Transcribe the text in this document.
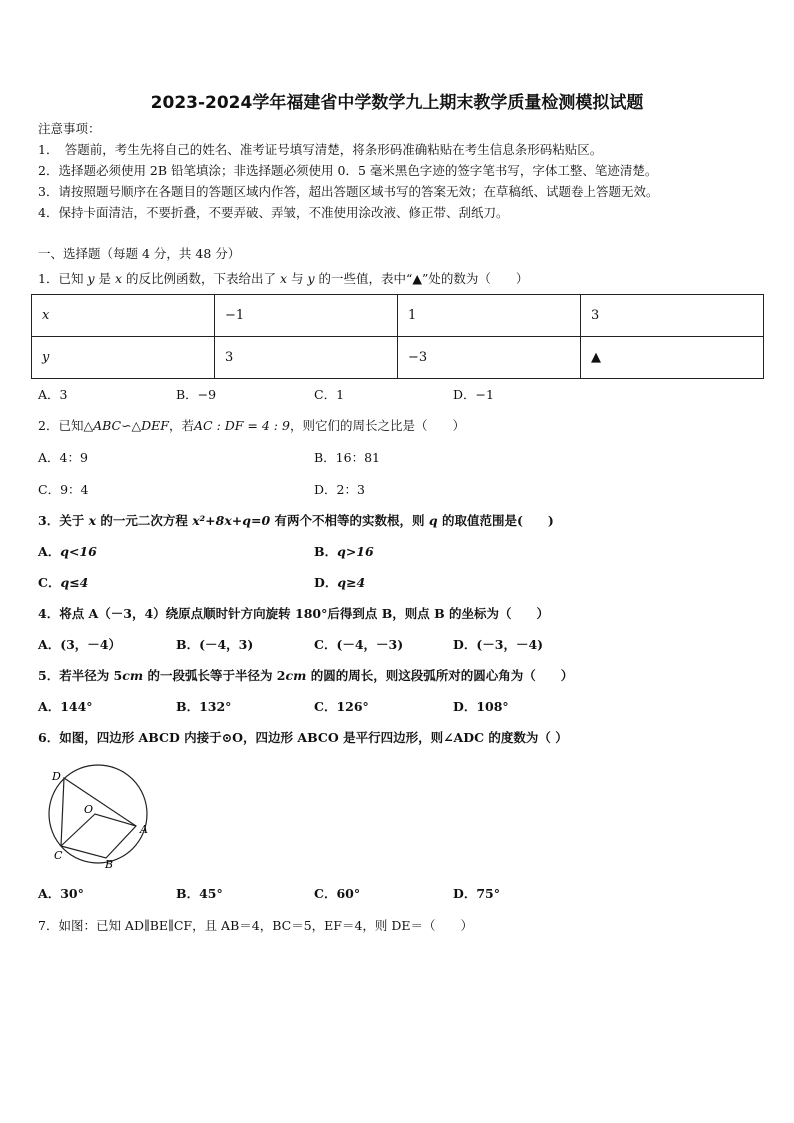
2023-2024学年福建省中学数学九上期末教学质量检测模拟试题
注意事项：
1．　答题前，考生先将自己的姓名、准考证号填写清楚，将条形码准确粘贴在考生信息条形码粘贴区。
2．选择题必须使用 2B 铅笔填涂；非选择题必须使用 0．5 毫米黑色字迹的签字笔书写，字体工整、笔迹清楚。
3．请按照题号顺序在各题目的答题区域内作答，超出答题区域书写的答案无效；在草稿纸、试题卷上答题无效。
4．保持卡面清洁，不要折叠，不要弄破、弄皱，不准使用涂改液、修正带、刮纸刀。
一、选择题（每题 4 分，共 48 分）
1．已知 y 是 x 的反比例函数，下表给出了 x 与 y 的一些值，表中“▲”处的数为（　　）
x	−1	1	3
y	3	−3	▲
A．3	B．−9	C．1	D．−1
2．已知△ABC∽△DEF，若AC : DF = 4 : 9，则它们的周长之比是（　　）
A．4：9	B．16：81
C．9：4	D．2：3
3．关于 x 的一元二次方程 x²+8x+q=0 有两个不相等的实数根，则 q 的取值范围是(　　)
A．q<16	B．q>16
C．q≤4	D．q≥4
4．将点 A（－3，4）绕原点顺时针方向旋转 180°后得到点 B，则点 B 的坐标为（　　）
A．(3，－4）	B．(－4，3)	C．(－4，－3)	D．(－3，－4)
5．若半径为 5cm 的一段弧长等于半径为 2cm 的圆的周长，则这段弧所对的圆心角为（　　）
A．144°	B．132°	C．126°	D．108°
6．如图，四边形 ABCD 内接于⊙O，四边形 ABCO 是平行四边形，则∠ADC 的度数为（ ）
D
O
A
C
B
A．30°	B．45°	C．60°	D．75°
7．如图：已知 AD∥BE∥CF，且 AB＝4，BC＝5，EF＝4，则 DE＝（　　）
